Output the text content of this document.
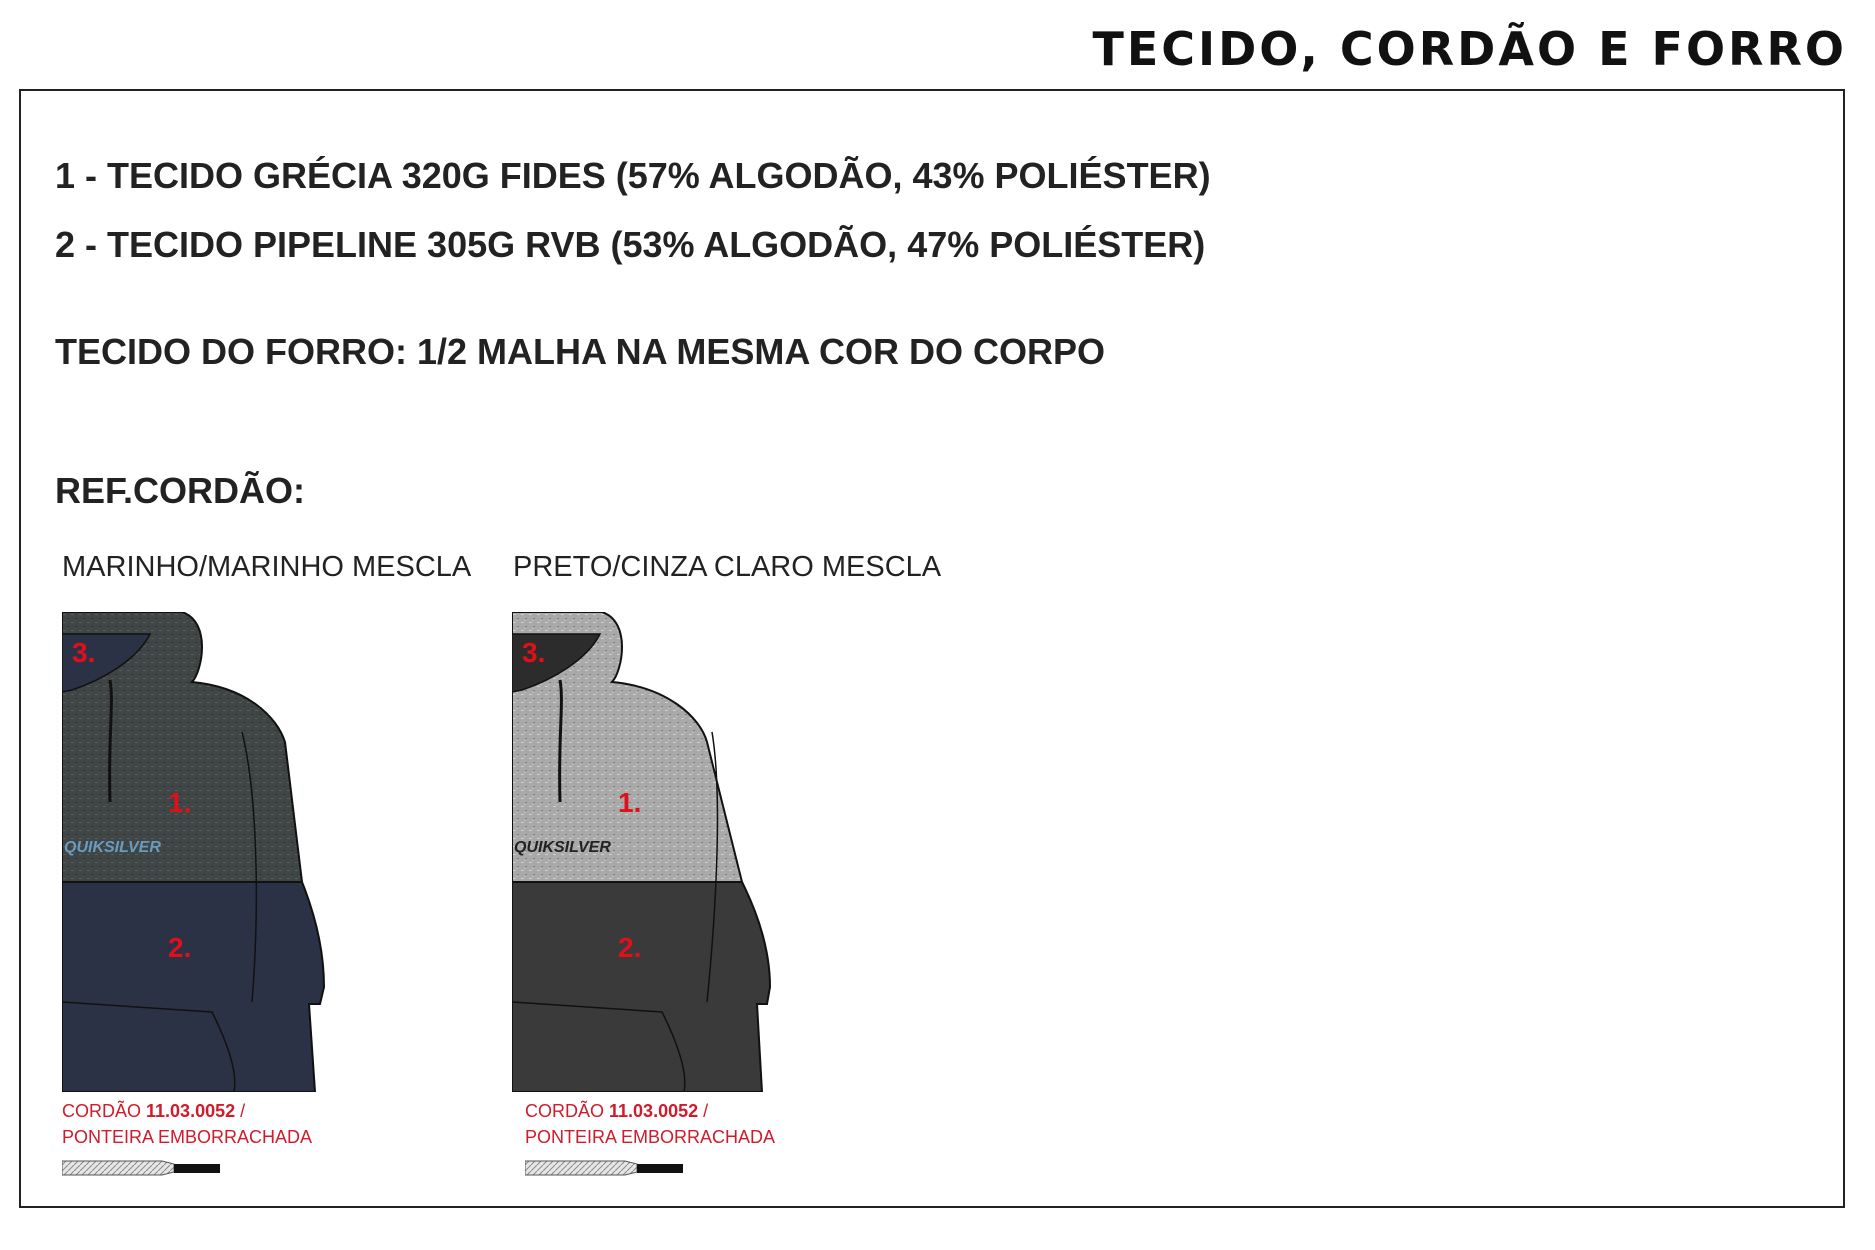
TECIDO, CORDÃO E FORRO
1 - TECIDO GRÉCIA 320G FIDES (57% ALGODÃO, 43% POLIÉSTER)
2 - TECIDO PIPELINE 305G RVB (53% ALGODÃO, 47% POLIÉSTER)
TECIDO DO FORRO: 1/2 MALHA NA MESMA COR DO CORPO
REF.CORDÃO:
MARINHO/MARINHO MESCLA
QUIKSILVER
3.
1.
2.
CORDÃO 11.03.0052 /
PONTEIRA EMBORRACHADA
PRETO/CINZA CLARO MESCLA
QUIKSILVER
3.
1.
2.
CORDÃO 11.03.0052 /
PONTEIRA EMBORRACHADA
